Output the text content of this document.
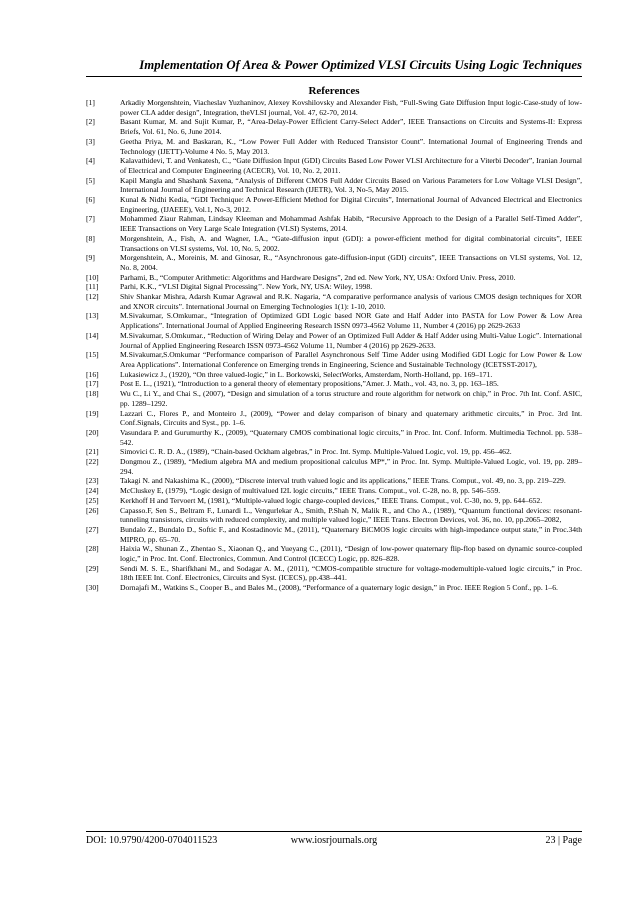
Implementation Of Area & Power Optimized VLSI Circuits Using Logic Techniques
References
[1]	Arkadiy Morgenshtein, Viacheslav Yuzhaninov, Alexey Kovshilovsky and Alexander Fish, “Full-Swing Gate Diffusion Input logic-Case-study of low-power CLA adder design”, Integration, theVLSI journal, Vol. 47, 62-70, 2014.
[2]	Basant Kumar, M. and Sujit Kumar, P., “Area-Delay-Power Efficient Carry-Select Adder”, IEEE Transactions on Circuits and Systems-II: Express Briefs, Vol. 61, No. 6, June 2014.
[3]	Geetha Priya, M. and Baskaran, K., “Low Power Full Adder with Reduced Transistor Count”. International Journal of Engineering Trends and Technology (IJETT)-Volume 4 No. 5, May 2013.
[4]	Kalavathidevi, T. and Venkatesh, C., “Gate Diffusion Input (GDI) Circuits Based Low Power VLSI Architecture for a Viterbi Decoder”, Iranian Journal of Electrical and Computer Engineering (ACECR), Vol. 10, No. 2, 2011.
[5]	Kapil Mangla and Shashank Saxena, “Analysis of Different CMOS Full Adder Circuits Based on Various Parameters for Low Voltage VLSI Design”, International Journal of Engineering and Technical Research (IJETR), Vol. 3, No-5, May 2015.
[6]	Kunal & Nidhi Kedia, “GDI Technique: A Power-Efficient Method for Digital Circuits”, International Journal of Advanced Electrical and Electronics Engineering, (IJAEEE), Vol.1, No-3, 2012.
[7]	Mohammed Ziaur Rahman, Lindsay Kleeman and Mohammad Ashfak Habib, “Recursive Approach to the Design of a Parallel Self-Timed Adder”, IEEE Transactions on Very Large Scale Integration (VLSI) Systems, 2014.
[8]	Morgenshtein, A., Fish, A. and Wagner, I.A., “Gate-diffusion input (GDI): a power-efficient method for digital combinatorial circuits”, IEEE Transactions on VLSI systems, Vol. 10, No. 5, 2002.
[9]	Morgenshtein, A., Moreinis, M. and Ginosar, R., “Asynchronous gate-diffusion-input (GDI) circuits”, IEEE Transactions on VLSI systems, Vol. 12, No. 8, 2004.
[10]	Parhami, B., “Computer Arithmetic: Algorithms and Hardware Designs”, 2nd ed. New York, NY, USA: Oxford Univ. Press, 2010.
[11]	Parhi, K.K., “VLSI Digital Signal Processing’’. New York, NY, USA: Wiley, 1998.
[12]	Shiv Shankar Mishra, Adarsh Kumar Agrawal and R.K. Nagaria, “A comparative performance analysis of various CMOS design techniques for XOR and XNOR circuits”. International Journal on Emerging Technologies 1(1): 1-10, 2010.
[13]	M.Sivakumar, S.Omkumar., “Integration of Optimized GDI Logic based NOR Gate and Half Adder into PASTA for Low Power & Low Area Applications”. International Journal of Applied Engineering Research ISSN 0973-4562 Volume 11, Number 4 (2016) pp 2629-2633
[14]	M.Sivakumar, S.Omkumar., “Reduction of Wiring Delay and Power of an Optimized Full Adder & Half Adder using Multi-Value Logic”. International Journal of Applied Engineering Research ISSN 0973-4562 Volume 11, Number 4 (2016) pp 2629-2633.
[15]	M.Sivakumar,S.Omkumar “Performance comparison of Parallel Asynchronous Self Time Adder using Modified GDI Logic for Low Power & Low Area Applications”. International Conference on Emerging trends in Engineering, Science and Sustainable Technology (ICETSST-2017),
[16]	Lukasiewicz J., (1920), “On three valued-logic,” in L. Borkowski, SelectWorks, Amsterdam, North-Holland, pp. 169–171.
[17]	Post E. L., (1921), “Introduction to a general theory of elementary propositions,”Amer. J. Math., vol. 43, no. 3, pp. 163–185.
[18]	Wu C., Li Y., and Chai S., (2007), “Design and simulation of a torus structure and route algorithm for network on chip,” in Proc. 7th Int. Conf. ASIC, pp. 1289–1292.
[19]	Lazzari C., Flores P., and Monteiro J., (2009), “Power and delay comparison of binary and quaternary arithmetic circuits,” in Proc. 3rd Int. Conf.Signals, Circuits and Syst., pp. 1–6.
[20]	Vasundara P. and Gurumurthy K., (2009), “Quaternary CMOS combinational logic circuits,” in Proc. Int. Conf. Inform. Multimedia Technol. pp. 538–542.
[21]	Simovici C. R. D. A., (1989), “Chain-based Ockham algebras,” in Proc. Int. Symp. Multiple-Valued Logic, vol. 19, pp. 456–462.
[22]	Dongmou Z., (1989), “Medium algebra MA and medium propositional calculus MP*,” in Proc. Int. Symp. Multiple-Valued Logic, vol. 19, pp. 289–294.
[23]	Takagi N. and Nakashima K., (2000), “Discrete interval truth valued logic and its applications,” IEEE Trans. Comput., vol. 49, no. 3, pp. 219–229.
[24]	McCluskey E, (1979), “Logic design of multivalued I2L logic circuits,” IEEE Trans. Comput., vol. C-28, no. 8, pp. 546–559.
[25]	Kerkhoff H and Tervoert M, (1981), “Multiple-valued logic charge-coupled devices,” IEEE Trans. Comput., vol. C-30, no. 9, pp. 644–652.
[26]	Capasso.F, Sen S., Beltram F., Lunardi L., Vengurlekar A., Smith, P.Shah N, Malik R., and Cho A., (1989), “Quantum functional devices: resonant-tunneling transistors, circuits with reduced complexity, and multiple valued logic,” IEEE Trans. Electron Devices, vol. 36, no. 10, pp.2065–2082,
[27]	Bundalo Z., Bundalo D., Softic F., and Kostadinovic M., (2011), “Quaternary BiCMOS logic circuits with high-impedance output state,” in Proc.34th MIPRO, pp. 65–70.
[28]	Haixia W., Shunan Z., Zhentao S., Xiaonan Q., and Yueyang C., (2011), “Design of low-power quaternary flip-flop based on dynamic source-coupled logic,” in Proc. Int. Conf. Electronics, Commun. And Control (ICECC) Logic, pp. 826–828.
[29]	Sendi M. S. E., Sharifkhani M., and Sodagar A. M., (2011), “CMOS-compatible structure for voltage-modemultiple-valued logic circuits,” in Proc. 18th IEEE Int. Conf. Electronics, Circuits and Syst. (ICECS), pp.438–441.
[30]	Dornajafi M., Watkins S., Cooper B., and Bales M., (2008), “Performance of a quaternary logic design,” in Proc. IEEE Region 5 Conf., pp. 1–6.
DOI: 10.9790/4200-0704011523	www.iosrjournals.org	23 | Page
